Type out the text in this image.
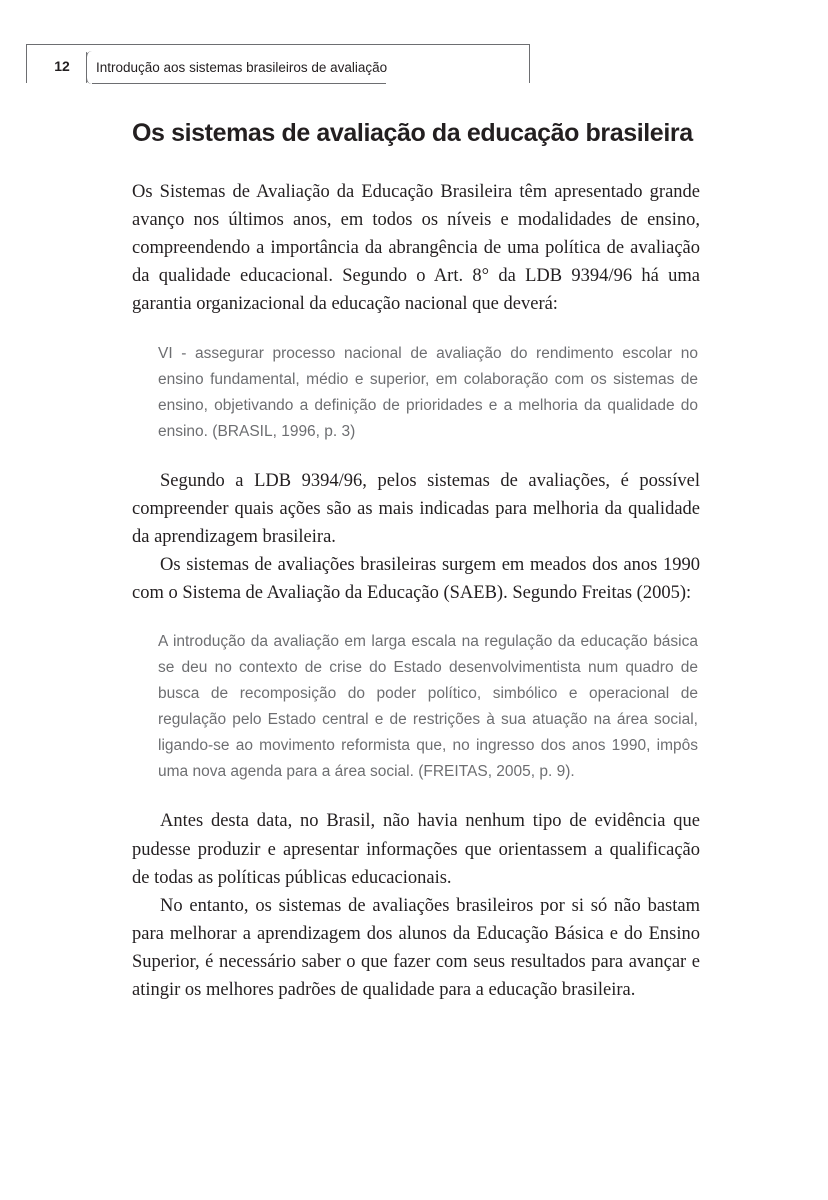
12	Introdução aos sistemas brasileiros de avaliação
Os sistemas de avaliação da educação brasileira

Os Sistemas de Avaliação da Educação Brasileira têm apresentado grande avanço nos últimos anos, em todos os níveis e modalidades de ensino, compreendendo a importância da abrangência de uma política de avaliação da qualidade educacional. Segundo o Art. 8° da LDB 9394/96 há uma garantia organizacional da educação nacional que deverá:

VI - assegurar processo nacional de avaliação do rendimento escolar no ensino fundamental, médio e superior, em colaboração com os sistemas de ensino, objetivando a definição de prioridades e a melhoria da qualidade do ensino. (BRASIL, 1996, p. 3)

Segundo a LDB 9394/96, pelos sistemas de avaliações, é possível compreender quais ações são as mais indicadas para melhoria da qualidade da aprendizagem brasileira.

Os sistemas de avaliações brasileiras surgem em meados dos anos 1990 com o Sistema de Avaliação da Educação (SAEB). Segundo Freitas (2005):

A introdução da avaliação em larga escala na regulação da educação básica se deu no contexto de crise do Estado desenvolvimentista num quadro de busca de recomposição do poder político, simbólico e operacional de regulação pelo Estado central e de restrições à sua atuação na área social, ligando-se ao movimento reformista que, no ingresso dos anos 1990, impôs uma nova agenda para a área social. (FREITAS, 2005, p. 9).

Antes desta data, no Brasil, não havia nenhum tipo de evidência que pudesse produzir e apresentar informações que orientassem a qualificação de todas as políticas públicas educacionais.

No entanto, os sistemas de avaliações brasileiros por si só não bastam para melhorar a aprendizagem dos alunos da Educação Básica e do Ensino Superior, é necessário saber o que fazer com seus resultados para avançar e atingir os melhores padrões de qualidade para a educação brasileira.
